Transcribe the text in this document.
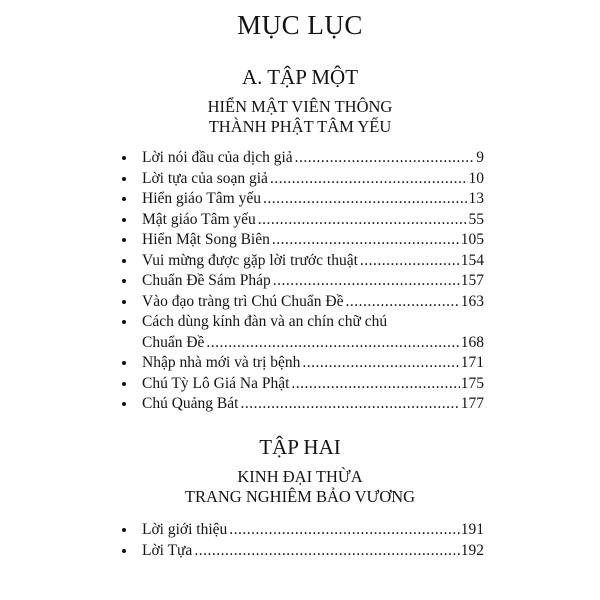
MỤC LỤC
A. TẬP MỘT
HIỂN MẬT VIÊN THÔNG
THÀNH PHẬT TÂM YẾU
Lời nói đầu của dịch giả .....	9
Lời tựa của soạn giả .....	10
Hiển giáo Tâm yếu .....	13
Mật giáo Tâm yếu .....	55
Hiển Mật Song Biên .....	105
Vui mừng được gặp lời trước thuật .....	154
Chuẩn Đề Sám Pháp .....	157
Vào đạo tràng trì Chú Chuẩn Đề .....	163
Cách dùng kính đàn và an chín chữ chú
Chuẩn Đề .....	168
Nhập nhà mới và trị bệnh .....	171
Chú Tỳ Lô Giá Na Phật .....	175
Chú Quảng Bát .....	177
TẬP HAI
KINH ĐẠI THỪA
TRANG NGHIÊM BẢO VƯƠNG
Lời giới thiệu .....	191
Lời Tựa .....	192
